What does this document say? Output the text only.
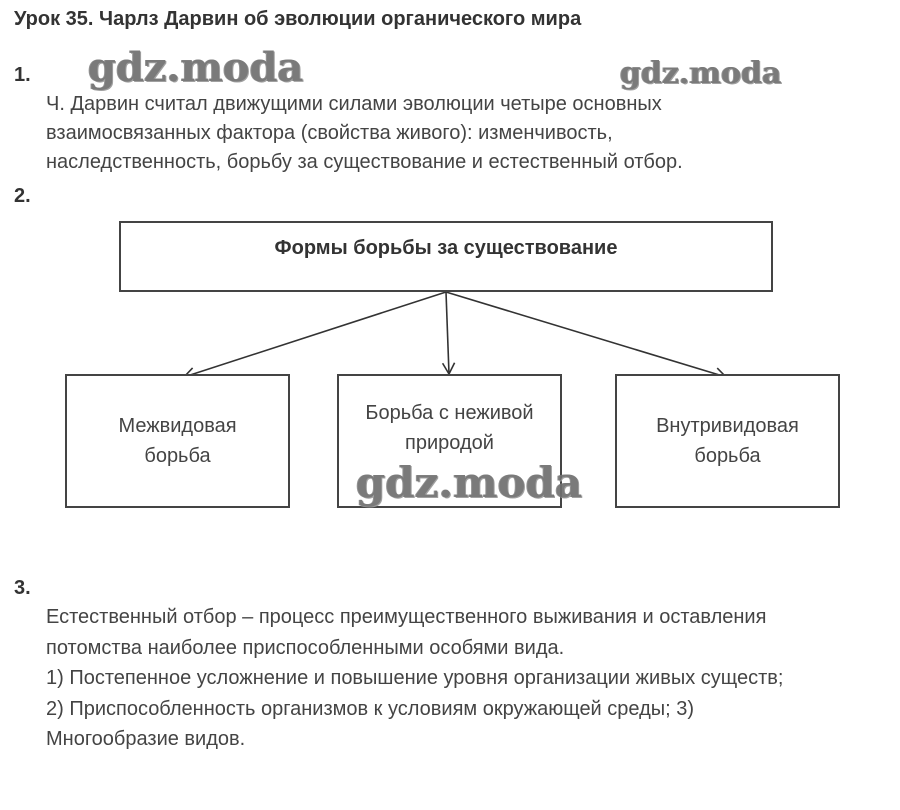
Урок 35. Чарлз Дарвин об эволюции органического мира
1. gdz.moda	gdz.moda
Ч. Дарвин считал движущими силами эволюции четыре основных
взаимосвязанных фактора (свойства живого): изменчивость,
наследственность, борьбу за существование и естественный отбор.
2.
Формы борьбы за существование
Межвидовая
борьба
Борьба с неживой
природой
Внутривидовая
борьба
gdz.moda
3.
Естественный отбор – процесс преимущественного выживания и оставления
потомства наиболее приспособленными особями вида.
1) Постепенное усложнение и повышение уровня организации живых существ;
2) Приспособленность организмов к условиям окружающей среды; 3)
Многообразие видов.
